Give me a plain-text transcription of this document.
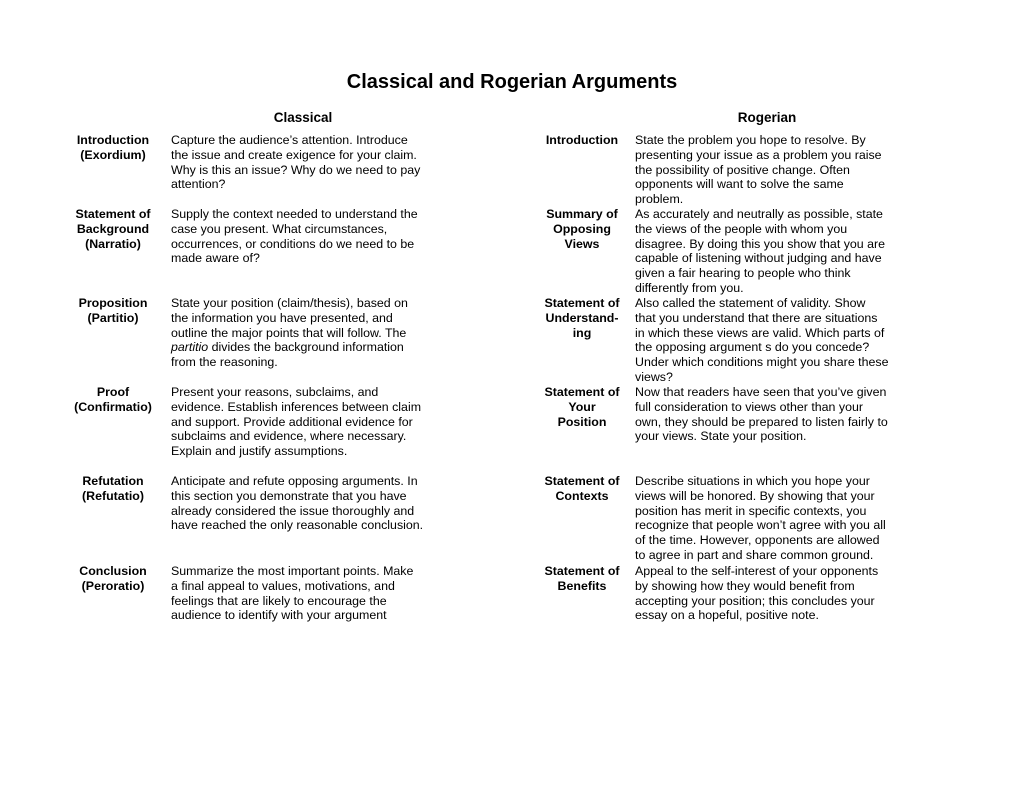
Classical and Rogerian Arguments
Classical	Rogerian
Introduction
(Exordium)
Capture the audience’s attention. Introduce
the issue and create exigence for your claim.
Why is this an issue? Why do we need to pay
attention?
Statement of
Background
(Narratio)
Supply the context needed to understand the
case you present. What circumstances,
occurrences, or conditions do we need to be
made aware of?
Proposition
(Partitio)
State your position (claim/thesis), based on
the information you have presented, and
outline the major points that will follow. The
partitio divides the background information
from the reasoning.
Proof
(Confirmatio)
Present your reasons, subclaims, and
evidence. Establish inferences between claim
and support. Provide additional evidence for
subclaims and evidence, where necessary.
Explain and justify assumptions.
Refutation
(Refutatio)
Anticipate and refute opposing arguments. In
this section you demonstrate that you have
already considered the issue thoroughly and
have reached the only reasonable conclusion.
Conclusion
(Peroratio)
Summarize the most important points. Make
a final appeal to values, motivations, and
feelings that are likely to encourage the
audience to identify with your argument
Introduction	State the problem you hope to resolve. By
presenting your issue as a problem you raise
the possibility of positive change. Often
opponents will want to solve the same
problem.
Summary of
Opposing
Views
As accurately and neutrally as possible, state
the views of the people with whom you
disagree. By doing this you show that you are
capable of listening without judging and have
given a fair hearing to people who think
differently from you.
Statement of
Understand-
ing
Also called the statement of validity. Show
that you understand that there are situations
in which these views are valid. Which parts of
the opposing argument s do you concede?
Under which conditions might you share these
views?
Statement of
Your
Position
Now that readers have seen that you’ve given
full consideration to views other than your
own, they should be prepared to listen fairly to
your views. State your position.
Statement of
Contexts
Describe situations in which you hope your
views will be honored. By showing that your
position has merit in specific contexts, you
recognize that people won’t agree with you all
of the time. However, opponents are allowed
to agree in part and share common ground.
Statement of
Benefits
Appeal to the self-interest of your opponents
by showing how they would benefit from
accepting your position; this concludes your
essay on a hopeful, positive note.
